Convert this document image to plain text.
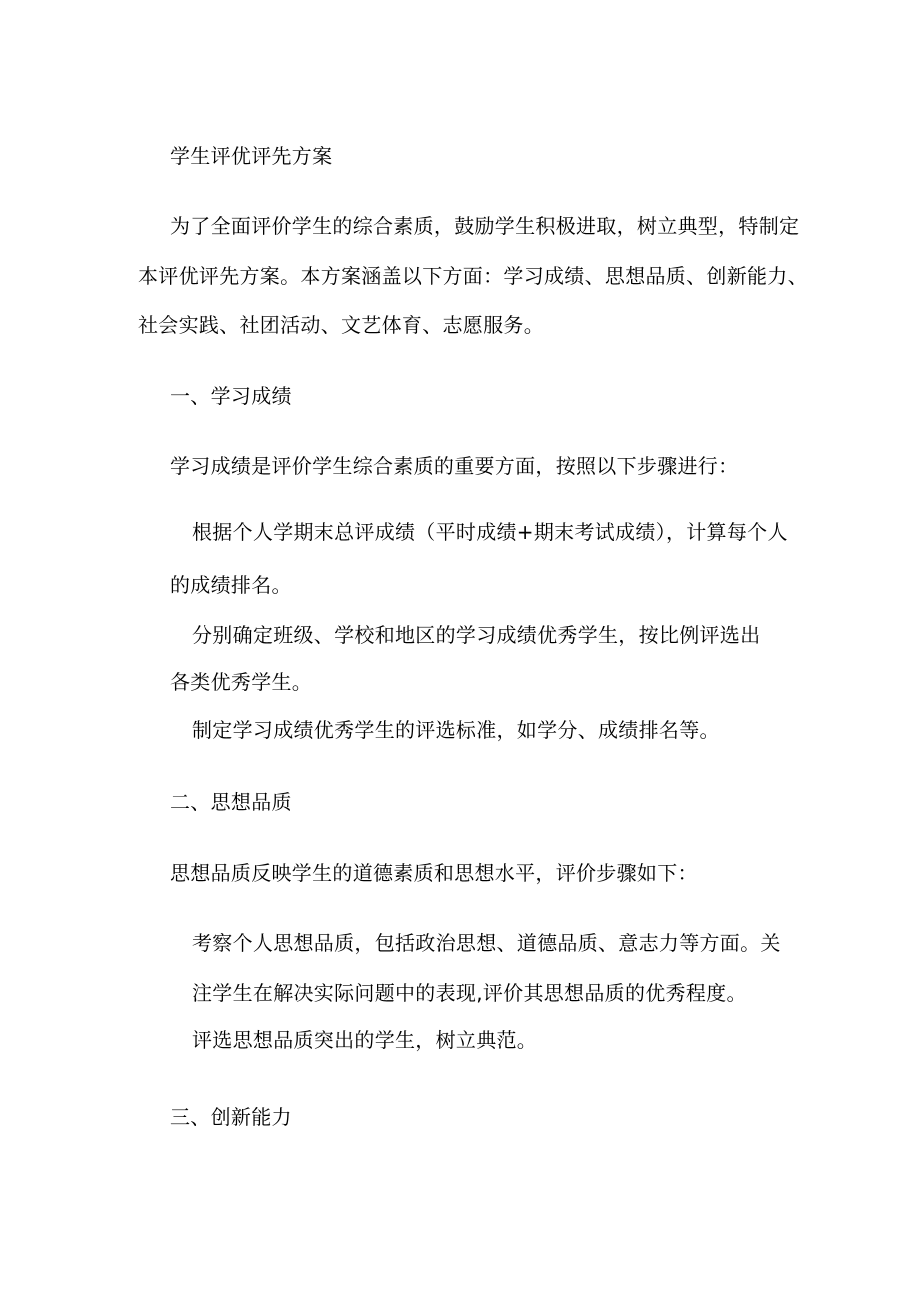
学生评优评先方案
为了全面评价学生的综合素质，鼓励学生积极进取，树立典型，特制定
本评优评先方案。本方案涵盖以下方面：学习成绩、思想品质、创新能力、
社会实践、社团活动、文艺体育、志愿服务。
一、学习成绩
学习成绩是评价学生综合素质的重要方面，按照以下步骤进行：
根据个人学期末总评成绩（平时成绩+期末考试成绩），计算每个人
的成绩排名。
分别确定班级、学校和地区的学习成绩优秀学生，按比例评选出
各类优秀学生。
制定学习成绩优秀学生的评选标准，如学分、成绩排名等。
二、思想品质
思想品质反映学生的道德素质和思想水平，评价步骤如下：
考察个人思想品质，包括政治思想、道德品质、意志力等方面。关
注学生在解决实际问题中的表现,评价其思想品质的优秀程度。
评选思想品质突出的学生，树立典范。
三、创新能力
